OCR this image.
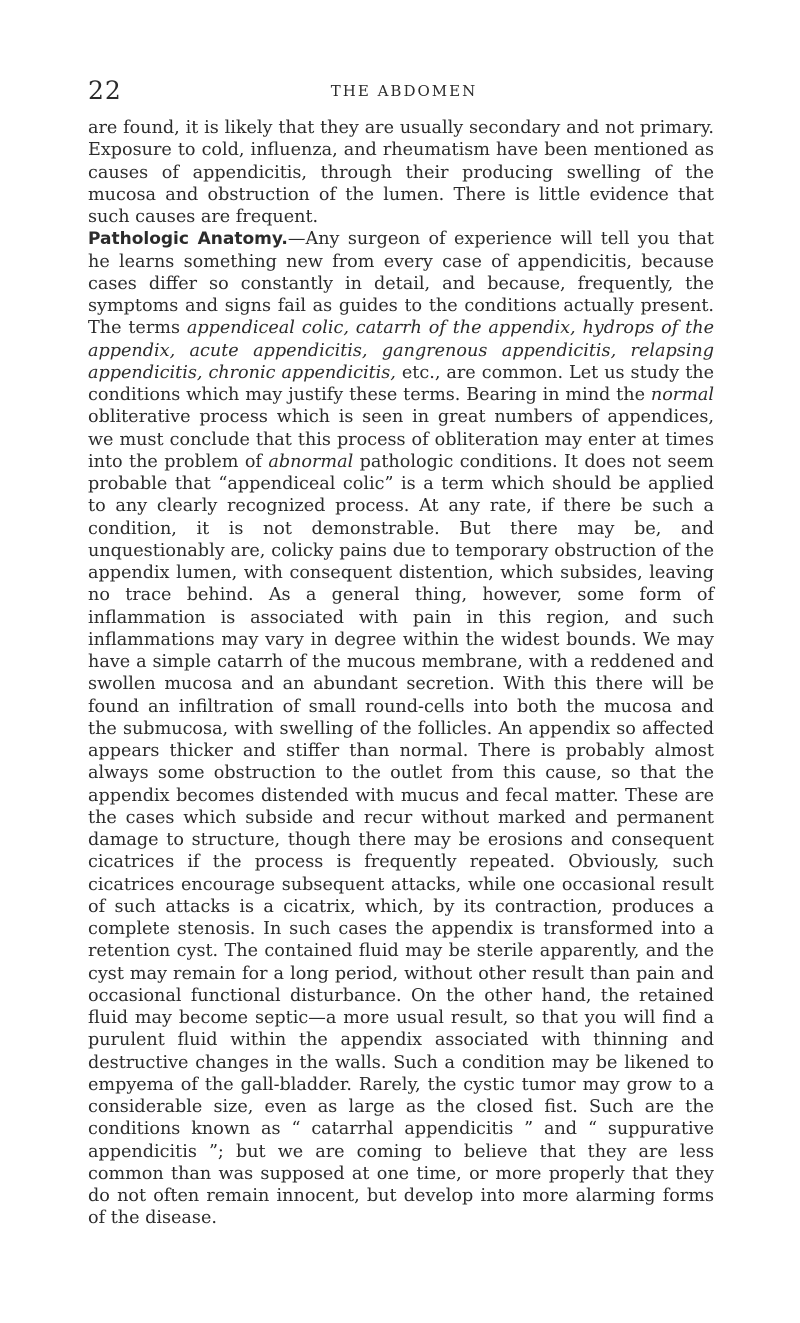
22	THE ABDOMEN

are found, it is likely that they are usually secondary and not primary. Exposure to cold, influenza, and rheumatism have been mentioned as causes of appendicitis, through their producing swelling of the mucosa and obstruction of the lumen. There is little evidence that such causes are frequent.

Pathologic Anatomy.—Any surgeon of experience will tell you that he learns something new from every case of appendicitis, because cases differ so constantly in detail, and because, frequently, the symptoms and signs fail as guides to the conditions actually present. The terms appendiceal colic, catarrh of the appendix, hydrops of the appendix, acute appendicitis, gangrenous appendicitis, relapsing appendicitis, chronic appendicitis, etc., are common. Let us study the conditions which may justify these terms. Bearing in mind the normal obliterative process which is seen in great numbers of appendices, we must conclude that this process of obliteration may enter at times into the problem of abnormal pathologic conditions. It does not seem probable that “appendiceal colic” is a term which should be applied to any clearly recognized process. At any rate, if there be such a condition, it is not demonstrable. But there may be, and unquestionably are, colicky pains due to temporary obstruction of the appendix lumen, with consequent distention, which subsides, leaving no trace behind. As a general thing, however, some form of inflammation is associated with pain in this region, and such inflammations may vary in degree within the widest bounds. We may have a simple catarrh of the mucous membrane, with a reddened and swollen mucosa and an abundant secretion. With this there will be found an infiltration of small round-cells into both the mucosa and the submucosa, with swelling of the follicles. An appendix so affected appears thicker and stiffer than normal. There is probably almost always some obstruction to the outlet from this cause, so that the appendix becomes distended with mucus and fecal matter. These are the cases which subside and recur without marked and permanent damage to structure, though there may be erosions and consequent cicatrices if the process is frequently repeated. Obviously, such cicatrices encourage subsequent attacks, while one occasional result of such attacks is a cicatrix, which, by its contraction, produces a complete stenosis. In such cases the appendix is transformed into a retention cyst. The contained fluid may be sterile apparently, and the cyst may remain for a long period, without other result than pain and occasional functional disturbance. On the other hand, the retained fluid may become septic—a more usual result, so that you will find a purulent fluid within the appendix associated with thinning and destructive changes in the walls. Such a condition may be likened to empyema of the gall-bladder. Rarely, the cystic tumor may grow to a considerable size, even as large as the closed fist. Such are the conditions known as “ catarrhal appendicitis ” and “ suppurative appendicitis ”; but we are coming to believe that they are less common than was supposed at one time, or more properly that they do not often remain innocent, but develop into more alarming forms of the disease.
